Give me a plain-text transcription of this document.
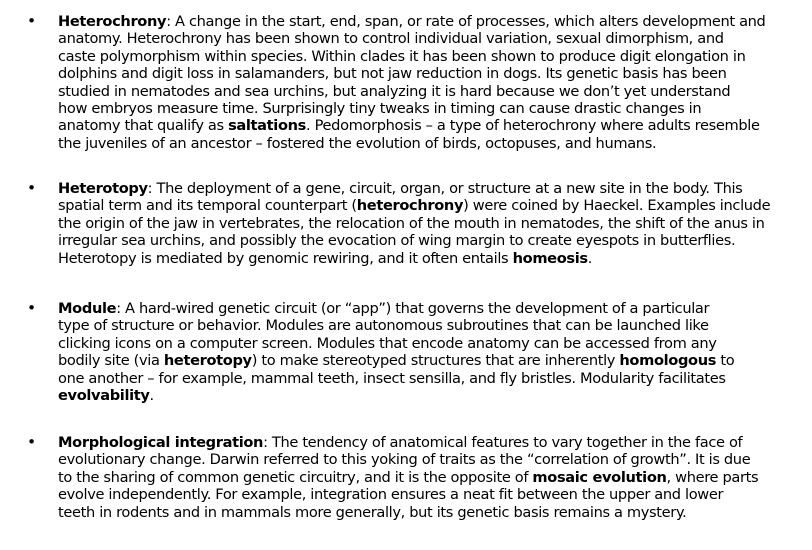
• Heterochrony: A change in the start, end, span, or rate of processes, which alters development and
anatomy. Heterochrony has been shown to control individual variation, sexual dimorphism, and
caste polymorphism within species. Within clades it has been shown to produce digit elongation in
dolphins and digit loss in salamanders, but not jaw reduction in dogs. Its genetic basis has been
studied in nematodes and sea urchins, but analyzing it is hard because we don’t yet understand
how embryos measure time. Surprisingly tiny tweaks in timing can cause drastic changes in
anatomy that qualify as saltations. Pedomorphosis – a type of heterochrony where adults resemble
the juveniles of an ancestor – fostered the evolution of birds, octopuses, and humans.
• Heterotopy: The deployment of a gene, circuit, organ, or structure at a new site in the body. This
spatial term and its temporal counterpart (heterochrony) were coined by Haeckel. Examples include
the origin of the jaw in vertebrates, the relocation of the mouth in nematodes, the shift of the anus in
irregular sea urchins, and possibly the evocation of wing margin to create eyespots in butterflies.
Heterotopy is mediated by genomic rewiring, and it often entails homeosis.
• Module: A hard-wired genetic circuit (or “app”) that governs the development of a particular
type of structure or behavior. Modules are autonomous subroutines that can be launched like
clicking icons on a computer screen. Modules that encode anatomy can be accessed from any
bodily site (via heterotopy) to make stereotyped structures that are inherently homologous to
one another – for example, mammal teeth, insect sensilla, and fly bristles. Modularity facilitates
evolvability.
• Morphological integration: The tendency of anatomical features to vary together in the face of
evolutionary change. Darwin referred to this yoking of traits as the “correlation of growth”. It is due
to the sharing of common genetic circuitry, and it is the opposite of mosaic evolution, where parts
evolve independently. For example, integration ensures a neat fit between the upper and lower
teeth in rodents and in mammals more generally, but its genetic basis remains a mystery.
